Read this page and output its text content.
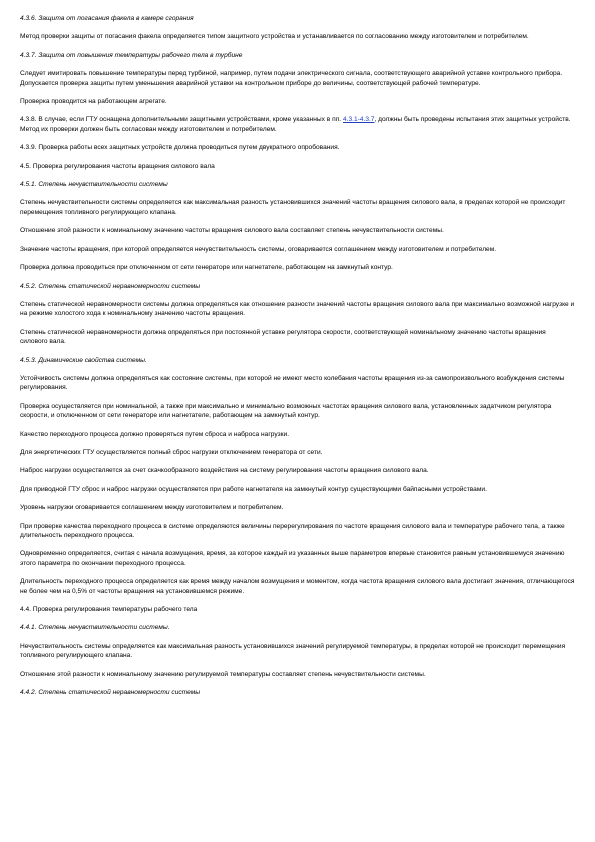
4.3.6. Защита от погасания факела в камере сгорания

Метод проверки защиты от погасания факела определяется типом защитного устройства и устанавливается по согласованию между изготовителем и потребителем.

4.3.7. Защита от повышения температуры рабочего тела в турбине

Следует имитировать повышение температуры перед турбиной, например, путем подачи электрического сигнала, соответствующего аварийной уставке контрольного прибора. Допускается проверка защиты путем уменьшения аварийной уставки на контрольном приборе до величины, соответствующей рабочей температуре.

Проверка проводится на работающем агрегате.

4.3.8. В случае, если ГТУ оснащена дополнительными защитными устройствами, кроме указанных в пп. 4.3.1-4.3.7, должны быть проведены испытания этих защитных устройств. Метод их проверки должен быть согласован между изготовителем и потребителем.

4.3.9. Проверка работы всех защитных устройств должна проводиться путем двукратного опробования.

4.5. Проверка регулирования частоты вращения силового вала

4.5.1. Степень нечувствительности системы

Степень нечувствительности системы определяется как максимальная разность установившихся значений частоты вращения силового вала, в пределах которой не происходит перемещения топливного регулирующего клапана.

Отношение этой разности к номинальному значению частоты вращения силового вала составляет степень нечувствительности системы.

Значение частоты вращения, при которой определяется нечувствительность системы, оговаривается соглашением между изготовителем и потребителем.

Проверка должна проводиться при отключенном от сети генераторе или нагнетателе, работающем на замкнутый контур.

4.5.2. Степень статической неравномерности системы

Степень статической неравномерности системы должна определяться как отношение разности значений частоты вращения силового вала при максимально возможной нагрузке и на режиме холостого хода к номинальному значению частоты вращения.

Степень статической неравномерности должна определяться при постоянной уставке регулятора скорости, соответствующей номинальному значению частоты вращения силового вала.

4.5.3. Динамические свойства системы.

Устойчивость системы должна определяться как состояние системы, при которой не имеют место колебания частоты вращения из-за самопроизвольного возбуждения системы регулирования.

Проверка осуществляется при номинальной, а также при максимально и минимально возможных частотах вращения силового вала, установленных задатчиком регулятора скорости, и отключенном от сети генераторе или нагнетателе, работающем на замкнутый контур.

Качество переходного процесса должно проверяться путем сброса и наброса нагрузки.

Для энергетических ГТУ осуществляется полный сброс нагрузки отключением генератора от сети.

Наброс нагрузки осуществляется за счет скачкообразного воздействия на систему регулирования частоты вращения силового вала.

Для приводной ГТУ сброс и наброс нагрузки осуществляется при работе нагнетателя на замкнутый контур существующими байпасными устройствами.

Уровень нагрузки оговаривается соглашением между изготовителем и потребителем.

При проверке качества переходного процесса в системе определяются величины перерегулирования по частоте вращения силового вала и температуре рабочего тела, а также длительность переходного процесса.

Одновременно определяется, считая с начала возмущения, время, за которое каждый из указанных выше параметров впервые становится равным установившемуся значению этого параметра по окончании переходного процесса.

Длительность переходного процесса определяется как время между началом возмущения и моментом, когда частота вращения силового вала достигает значения, отличающегося не более чем на 0,5% от частоты вращения на установившемся режиме.

4.4. Проверка регулирования температуры рабочего тела

4.4.1. Степень нечувствительности системы.

Нечувствительность системы определяется как максимальная разность установившихся значений регулируемой температуры, в пределах которой не происходит перемещения топливного регулирующего клапана.

Отношение этой разности к номинальному значению регулируемой температуры составляет степень нечувствительности системы.

4.4.2. Степень статической неравномерности системы
